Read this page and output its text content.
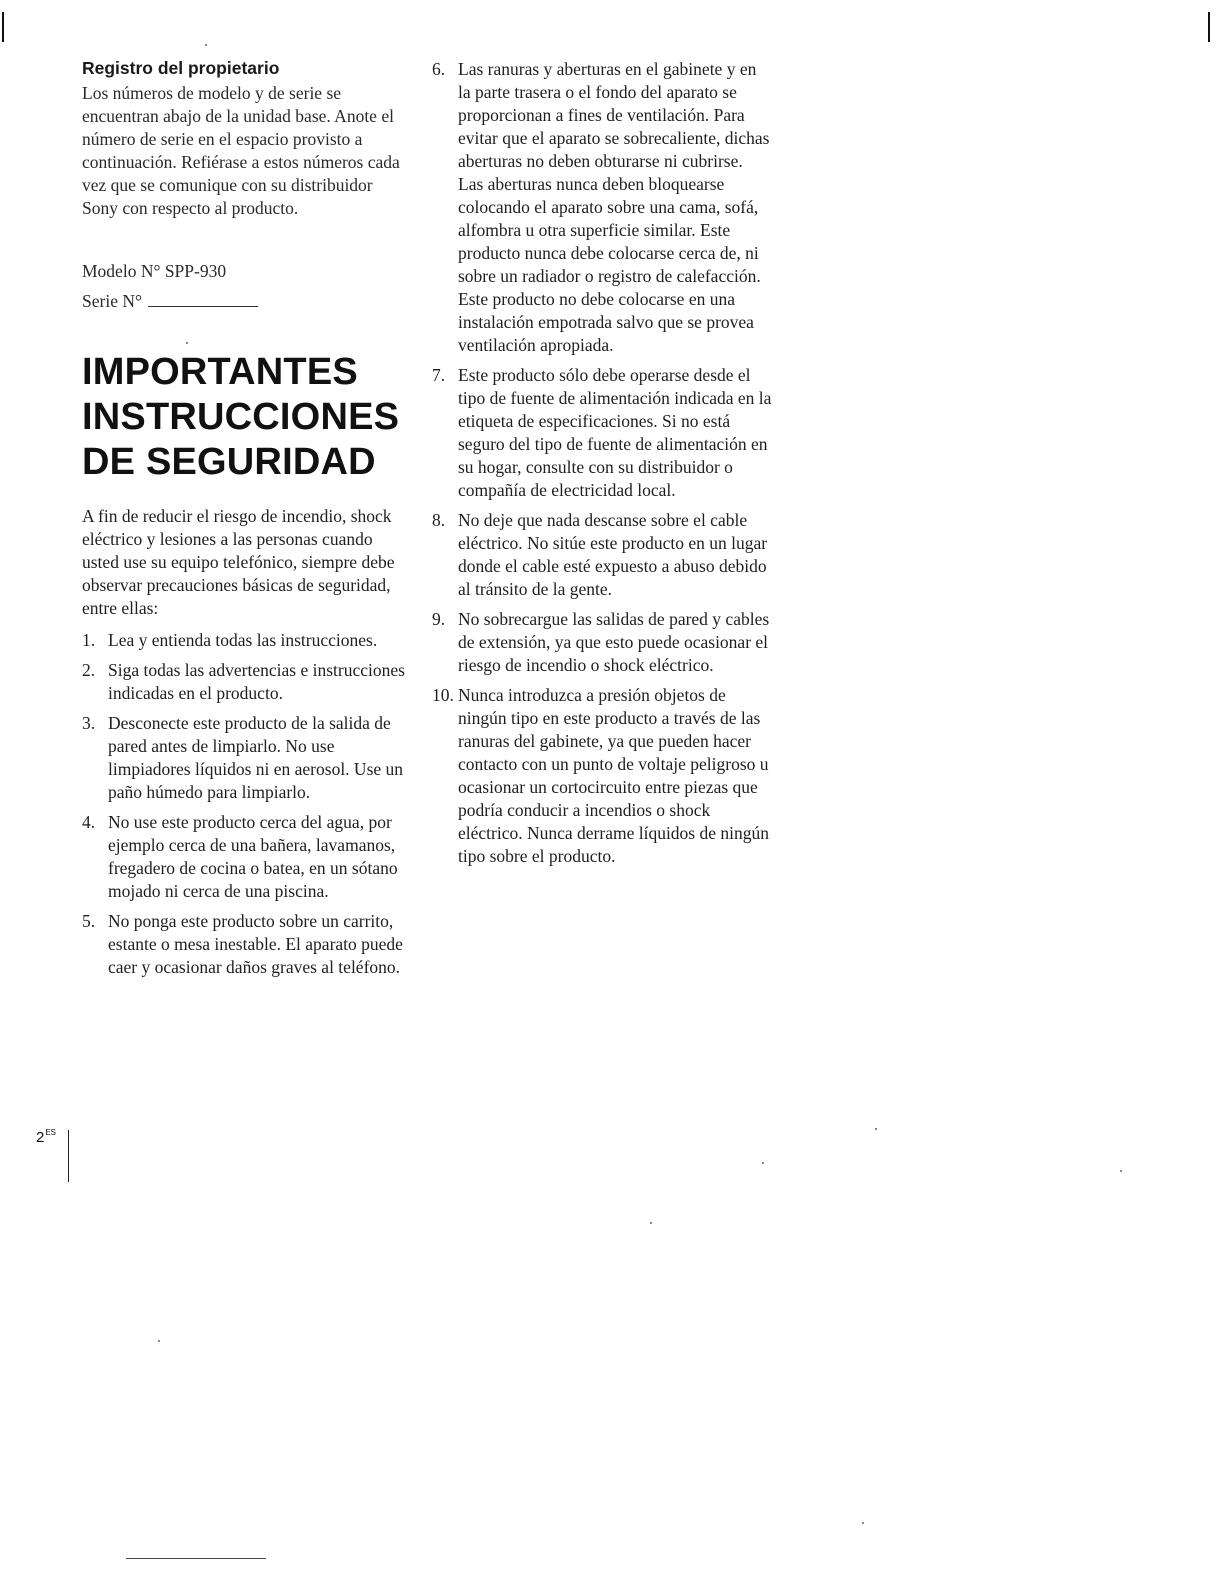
Registro del propietario

Los números de modelo y de serie se encuentran abajo de la unidad base. Anote el número de serie en el espacio provisto a continuación. Refiérase a estos números cada vez que se comunique con su distribuidor Sony con respecto al producto.

Modelo N° SPP-930
Serie N°
IMPORTANTES
INSTRUCCIONES
DE SEGURIDAD

A fin de reducir el riesgo de incendio, shock eléctrico y lesiones a las personas cuando usted use su equipo telefónico, siempre debe observar precauciones básicas de seguridad, entre ellas:

1. Lea y entienda todas las instrucciones.
2. Siga todas las advertencias e instrucciones indicadas en el producto.
3. Desconecte este producto de la salida de pared antes de limpiarlo. No use limpiadores líquidos ni en aerosol. Use un paño húmedo para limpiarlo.
4. No use este producto cerca del agua, por ejemplo cerca de una bañera, lavamanos, fregadero de cocina o batea, en un sótano mojado ni cerca de una piscina.
5. No ponga este producto sobre un carrito, estante o mesa inestable. El aparato puede caer y ocasionar daños graves al teléfono.
6. Las ranuras y aberturas en el gabinete y en la parte trasera o el fondo del aparato se proporcionan a fines de ventilación. Para evitar que el aparato se sobrecaliente, dichas aberturas no deben obturarse ni cubrirse. Las aberturas nunca deben bloquearse colocando el aparato sobre una cama, sofá, alfombra u otra superficie similar. Este producto nunca debe colocarse cerca de, ni sobre un radiador o registro de calefacción. Este producto no debe colocarse en una instalación empotrada salvo que se provea ventilación apropiada.
7. Este producto sólo debe operarse desde el tipo de fuente de alimentación indicada en la etiqueta de especificaciones. Si no está seguro del tipo de fuente de alimentación en su hogar, consulte con su distribuidor o compañía de electricidad local.
8. No deje que nada descanse sobre el cable eléctrico. No sitúe este producto en un lugar donde el cable esté expuesto a abuso debido al tránsito de la gente.
9. No sobrecargue las salidas de pared y cables de extensión, ya que esto puede ocasionar el riesgo de incendio o shock eléctrico.
10. Nunca introduzca a presión objetos de ningún tipo en este producto a través de las ranuras del gabinete, ya que pueden hacer contacto con un punto de voltaje peligroso u ocasionar un cortocircuito entre piezas que podría conducir a incendios o shock eléctrico. Nunca derrame líquidos de ningún tipo sobre el producto.
$2^{ES}$
